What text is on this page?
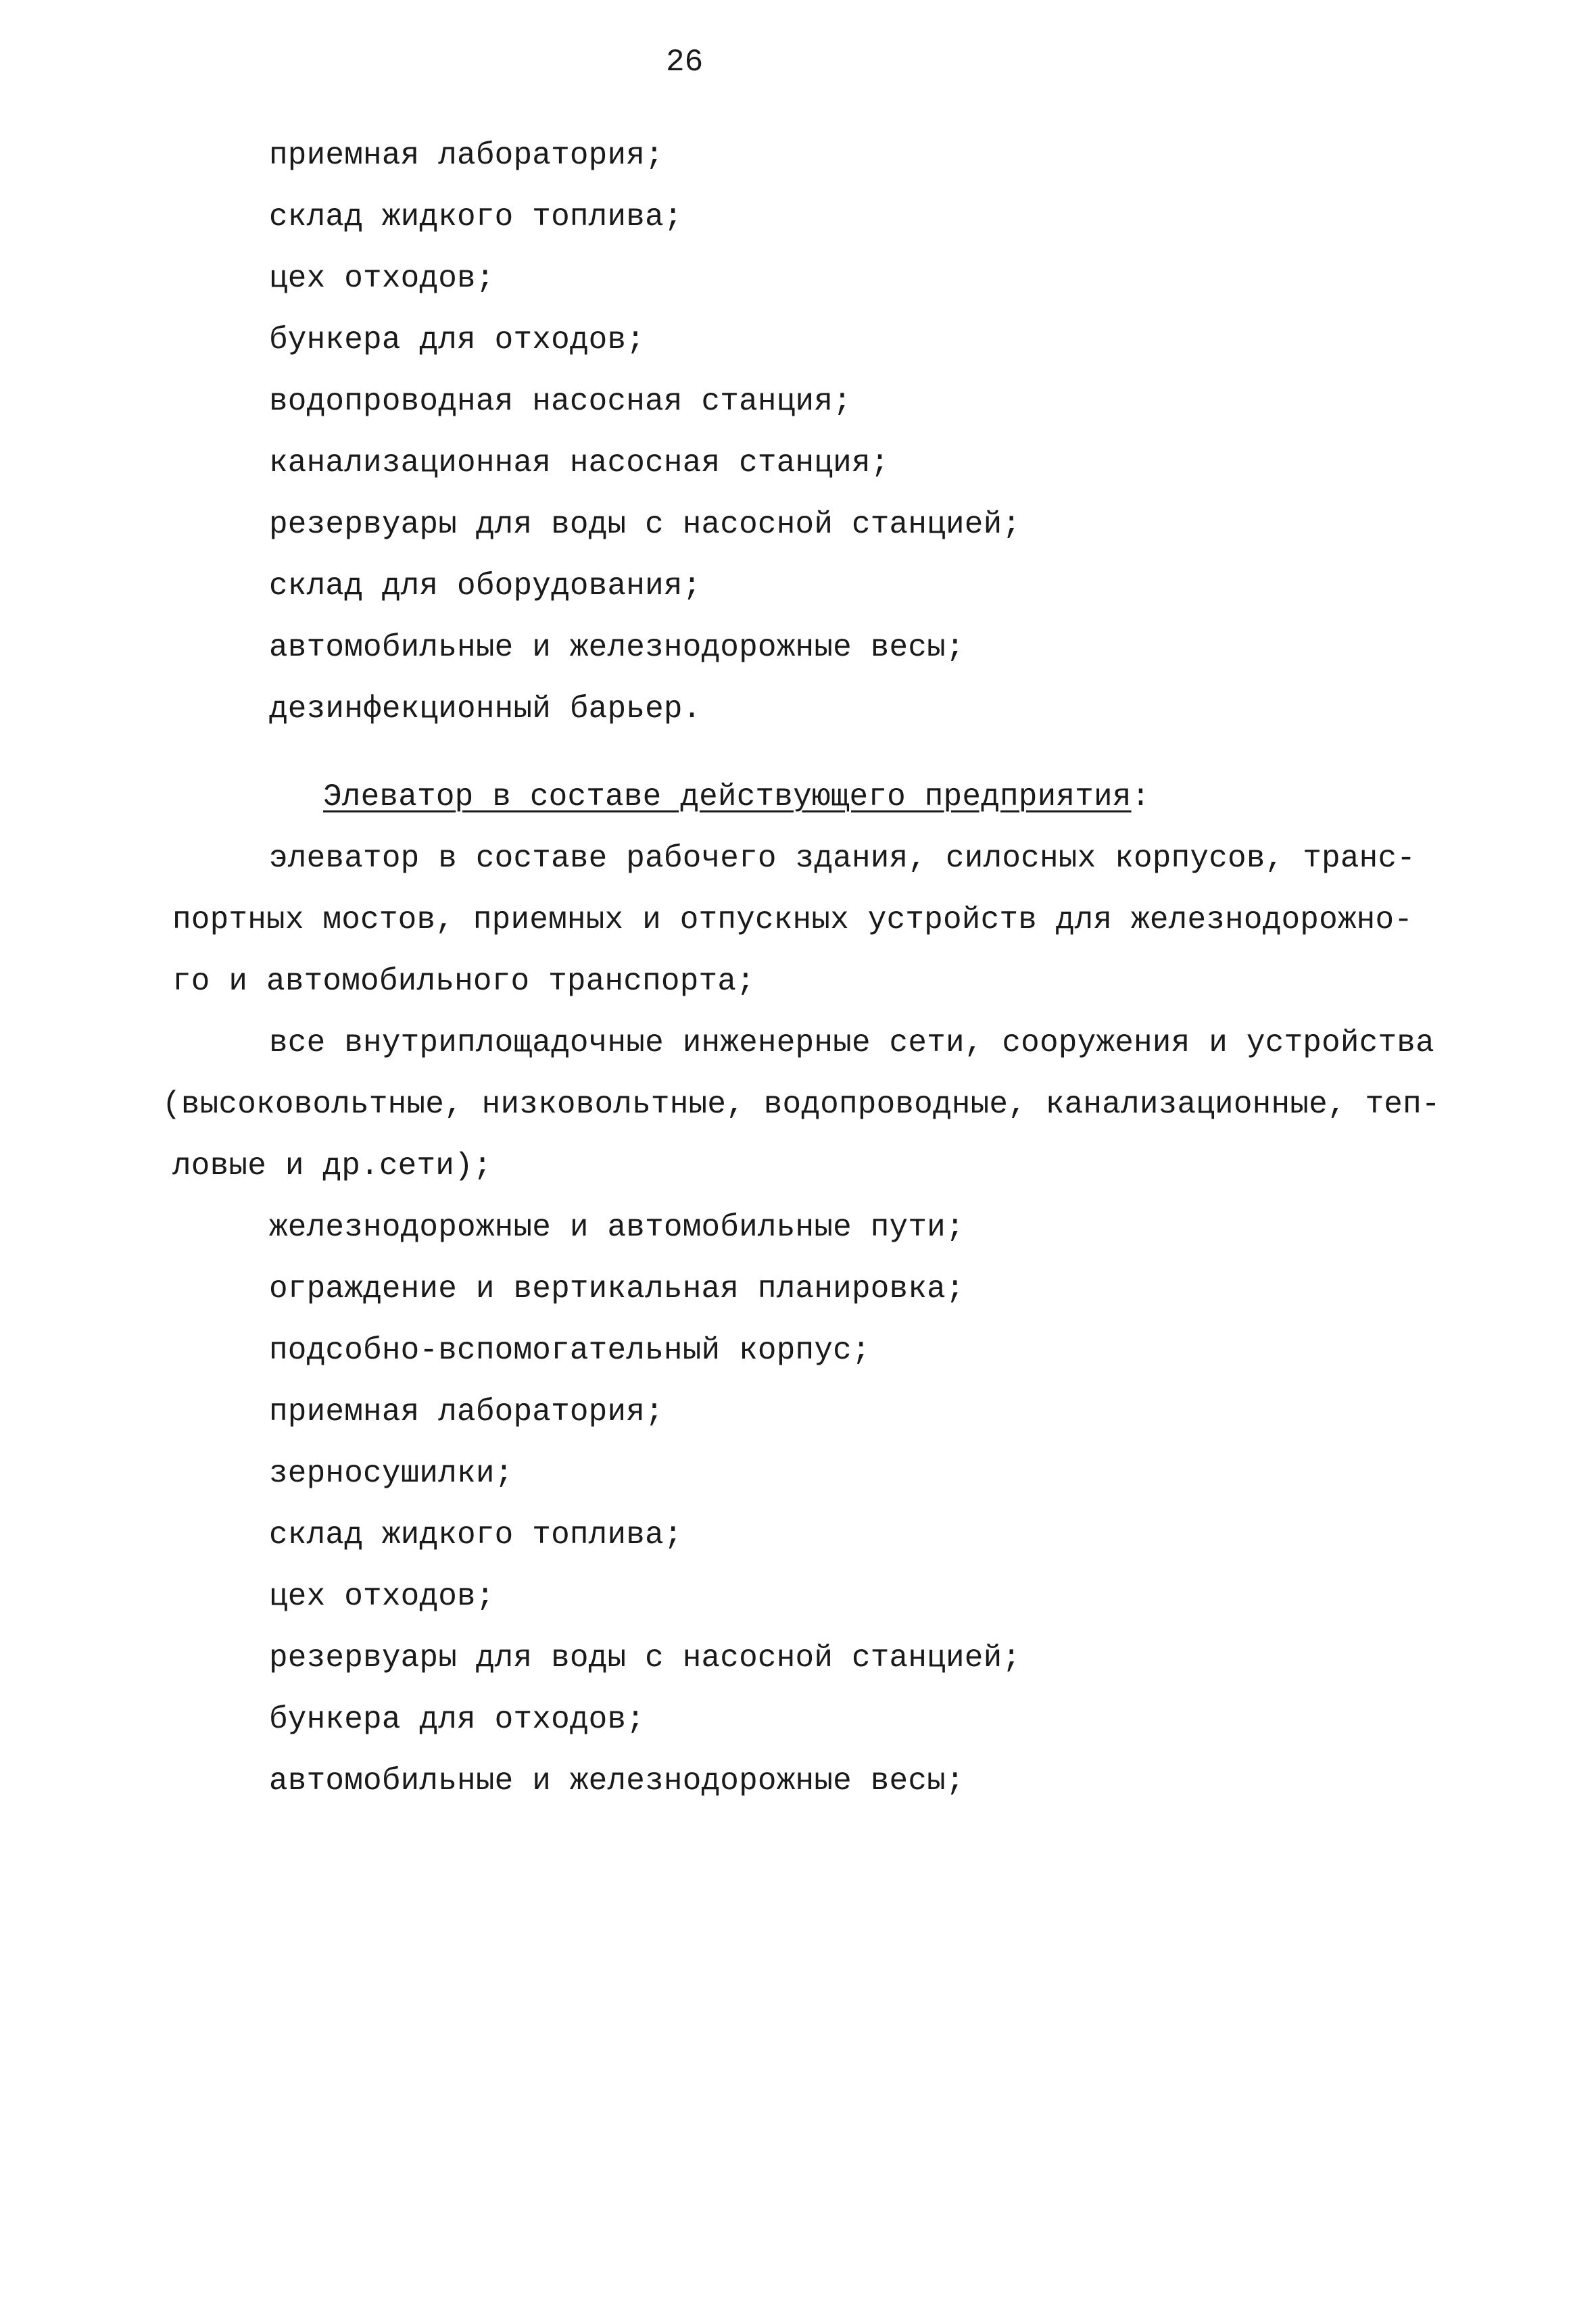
26
приемная лаборатория;
склад жидкого топлива;
цех отходов;
бункера для отходов;
водопроводная насосная станция;
канализационная насосная станция;
резервуары для воды с насосной станцией;
склад для оборудования;
автомобильные и железнодорожные весы;
дезинфекционный барьер.
Элеватор в составе действующего предприятия:
элеватор в составе рабочего здания, силосных корпусов, транс-
портных мостов, приемных и отпускных устройств для железнодорожно-
го и автомобильного транспорта;
все внутриплощадочные инженерные сети, сооружения и устройства
(высоковольтные, низковольтные, водопроводные, канализационные, теп-
ловые и др.сети);
железнодорожные и автомобильные пути;
ограждение и вертикальная планировка;
подсобно-вспомогательный корпус;
приемная лаборатория;
зерносушилки;
склад жидкого топлива;
цех отходов;
резервуары для воды с насосной станцией;
бункера для отходов;
автомобильные и железнодорожные весы;
